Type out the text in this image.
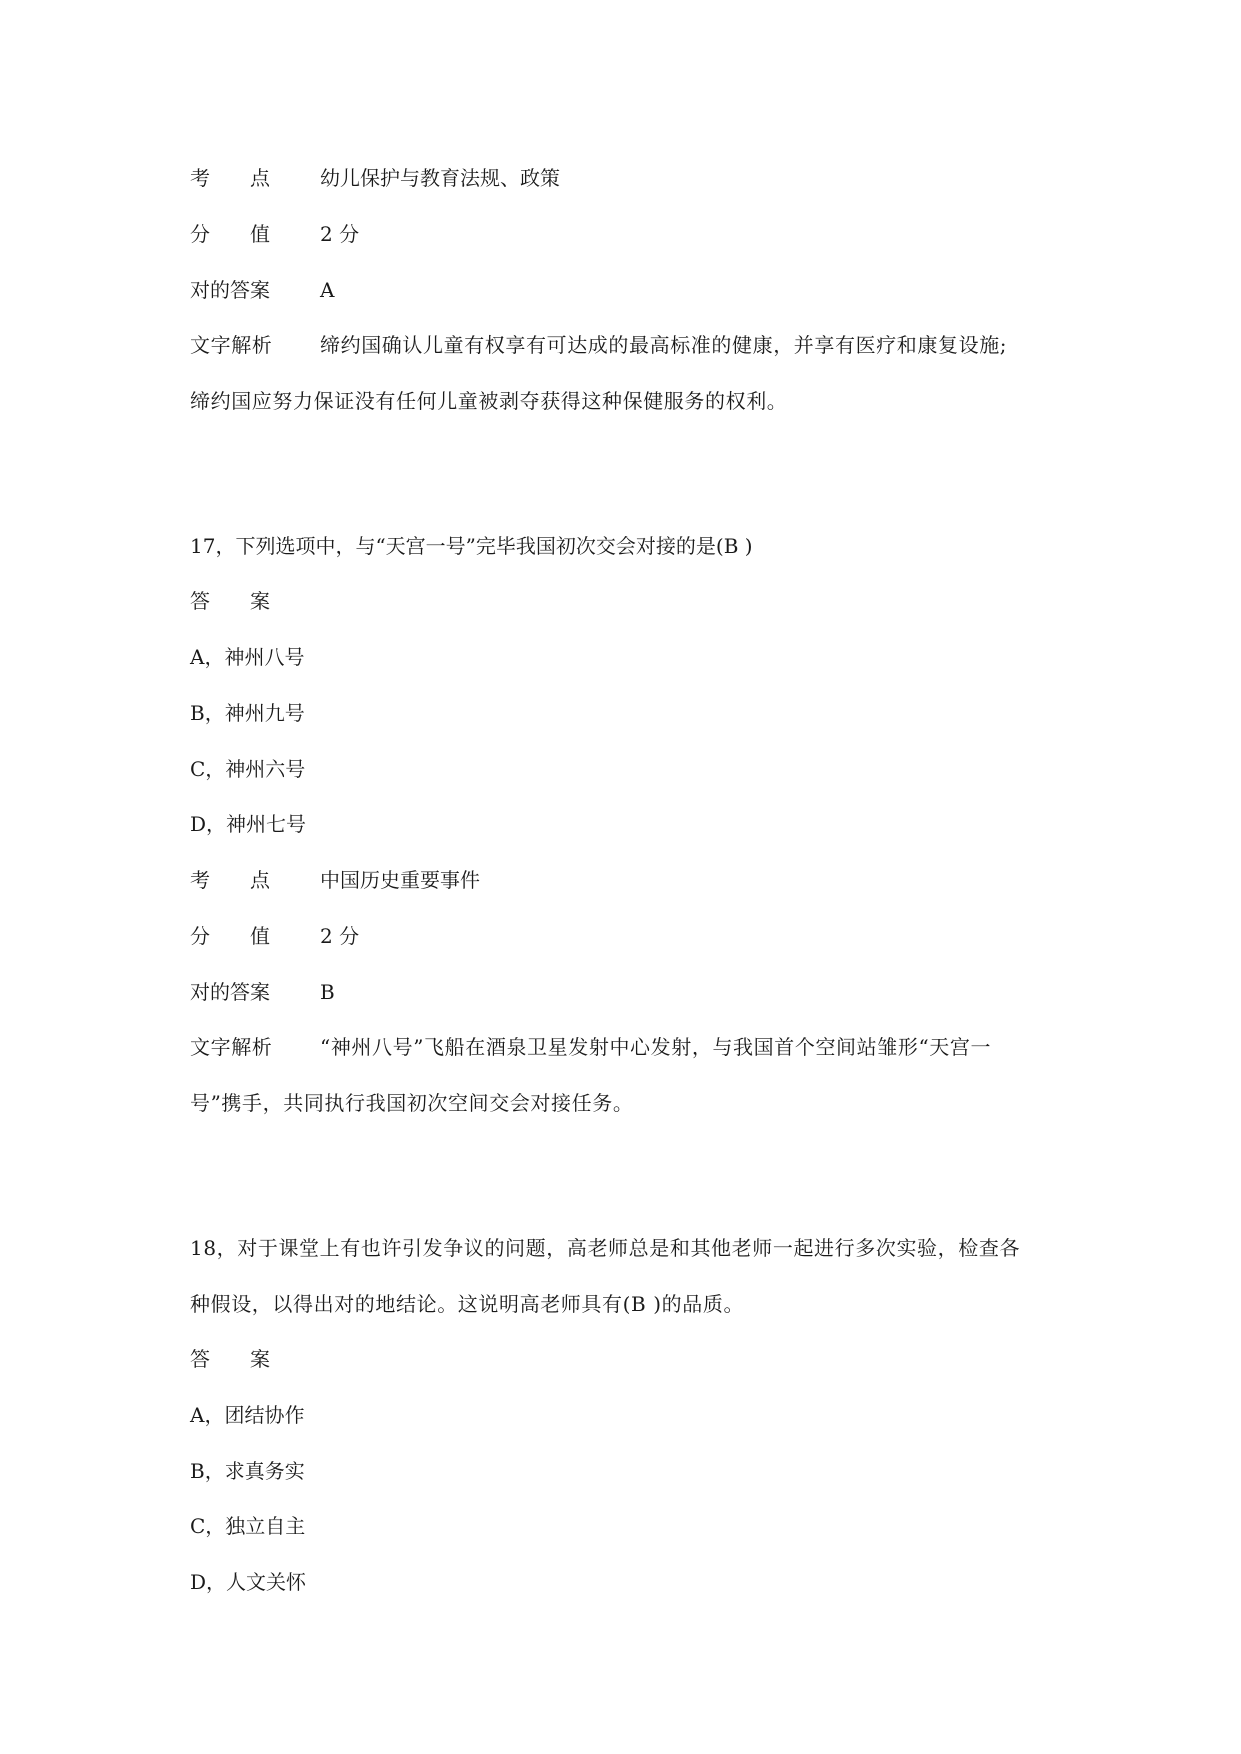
考　　点	幼儿保护与教育法规、政策
分　　值	2 分
对的答案	A
文字解析 缔约国确认儿童有权享有可达成的最高标准的健康，并享有医疗和康复设施;
缔约国应努力保证没有任何儿童被剥夺获得这种保健服务的权利。
17，下列选项中，与“天宫一号”完毕我国初次交会对接的是(B )
答　　案
A，神州八号
B，神州九号
C，神州六号
D，神州七号
考　　点	中国历史重要事件
分　　值	2 分
对的答案	B
文字解析 “神州八号”飞船在酒泉卫星发射中心发射，与我国首个空间站雏形“天宫一
号”携手，共同执行我国初次空间交会对接任务。
18，对于课堂上有也许引发争议的问题，高老师总是和其他老师一起进行多次实验，检查各
种假设，以得出对的地结论。这说明高老师具有(B )的品质。
答　　案
A，团结协作
B，求真务实
C，独立自主
D，人文关怀
